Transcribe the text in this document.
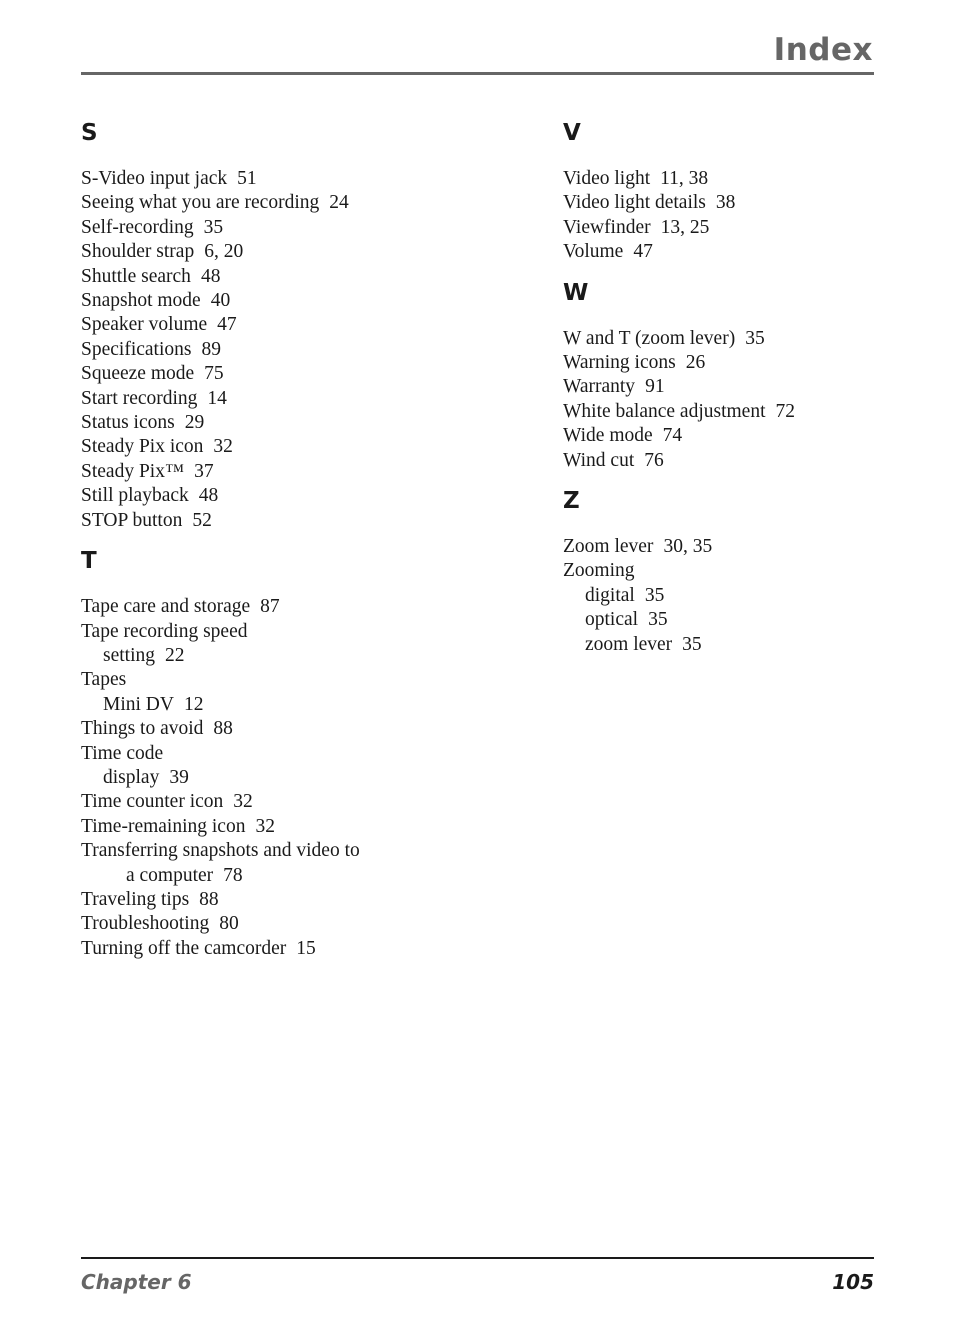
Index
S
S-Video input jack 51
Seeing what you are recording 24
Self-recording 35
Shoulder strap 6, 20
Shuttle search 48
Snapshot mode 40
Speaker volume 47
Specifications 89
Squeeze mode 75
Start recording 14
Status icons 29
Steady Pix icon 32
Steady Pix™ 37
Still playback 48
STOP button 52
T
Tape care and storage 87
Tape recording speed
setting 22
Tapes
Mini DV 12
Things to avoid 88
Time code
display 39
Time counter icon 32
Time-remaining icon 32
Transferring snapshots and video to
a computer 78
Traveling tips 88
Troubleshooting 80
Turning off the camcorder 15
V
Video light 11, 38
Video light details 38
Viewfinder 13, 25
Volume 47
W
W and T (zoom lever) 35
Warning icons 26
Warranty 91
White balance adjustment 72
Wide mode 74
Wind cut 76
Z
Zoom lever 30, 35
Zooming
digital 35
optical 35
zoom lever 35
Chapter 6	105
